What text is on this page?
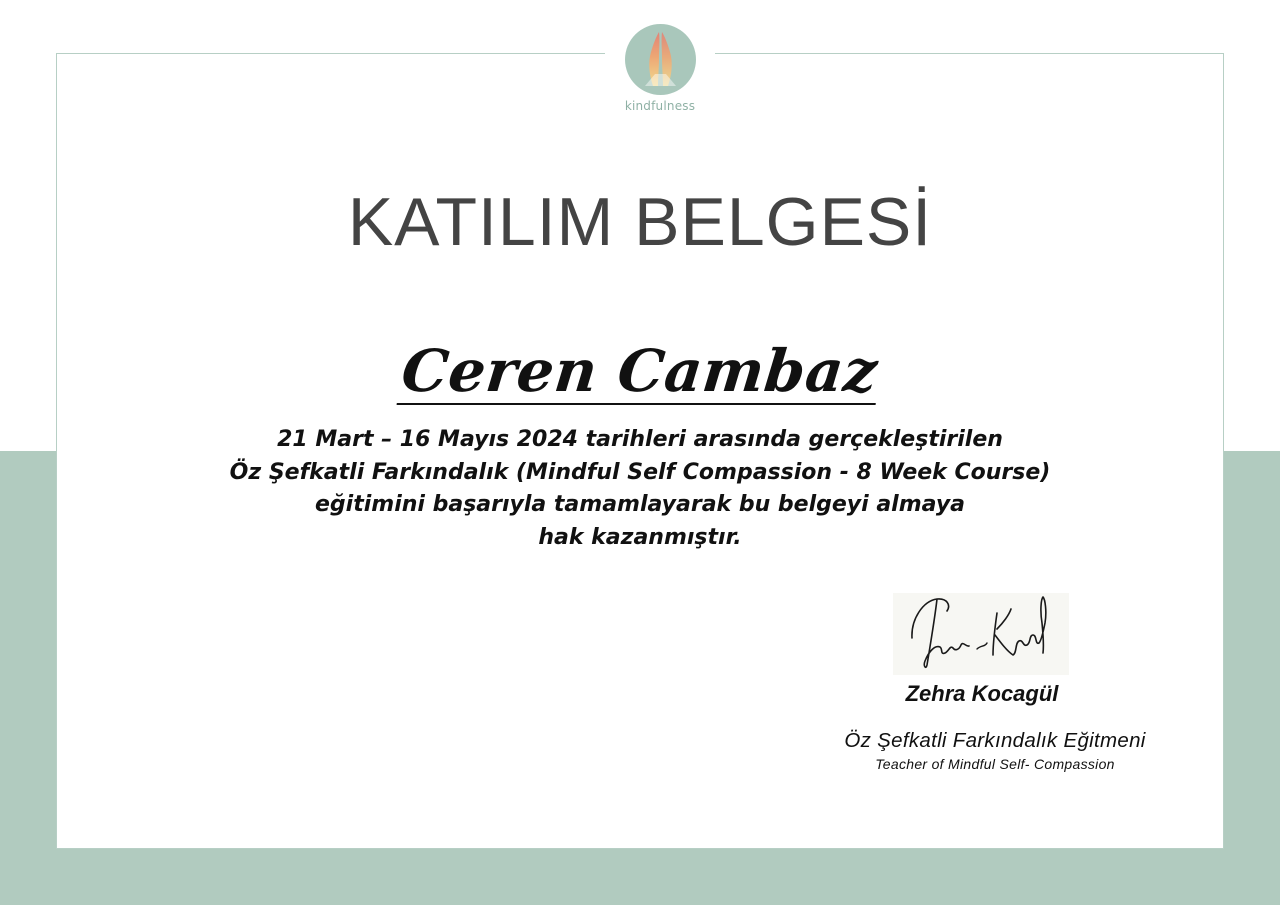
kindfulness
KATILIM BELGESİ
Ceren Cambaz
21 Mart – 16 Mayıs 2024 tarihleri arasında gerçekleştirilen
Öz Şefkatli Farkındalık (Mindful Self Compassion - 8 Week Course)
eğitimini başarıyla tamamlayarak bu belgeyi almaya
hak kazanmıştır.
Zehra Kocagül
Öz Şefkatli Farkındalık Eğitmeni
Teacher of Mindful Self- Compassion
